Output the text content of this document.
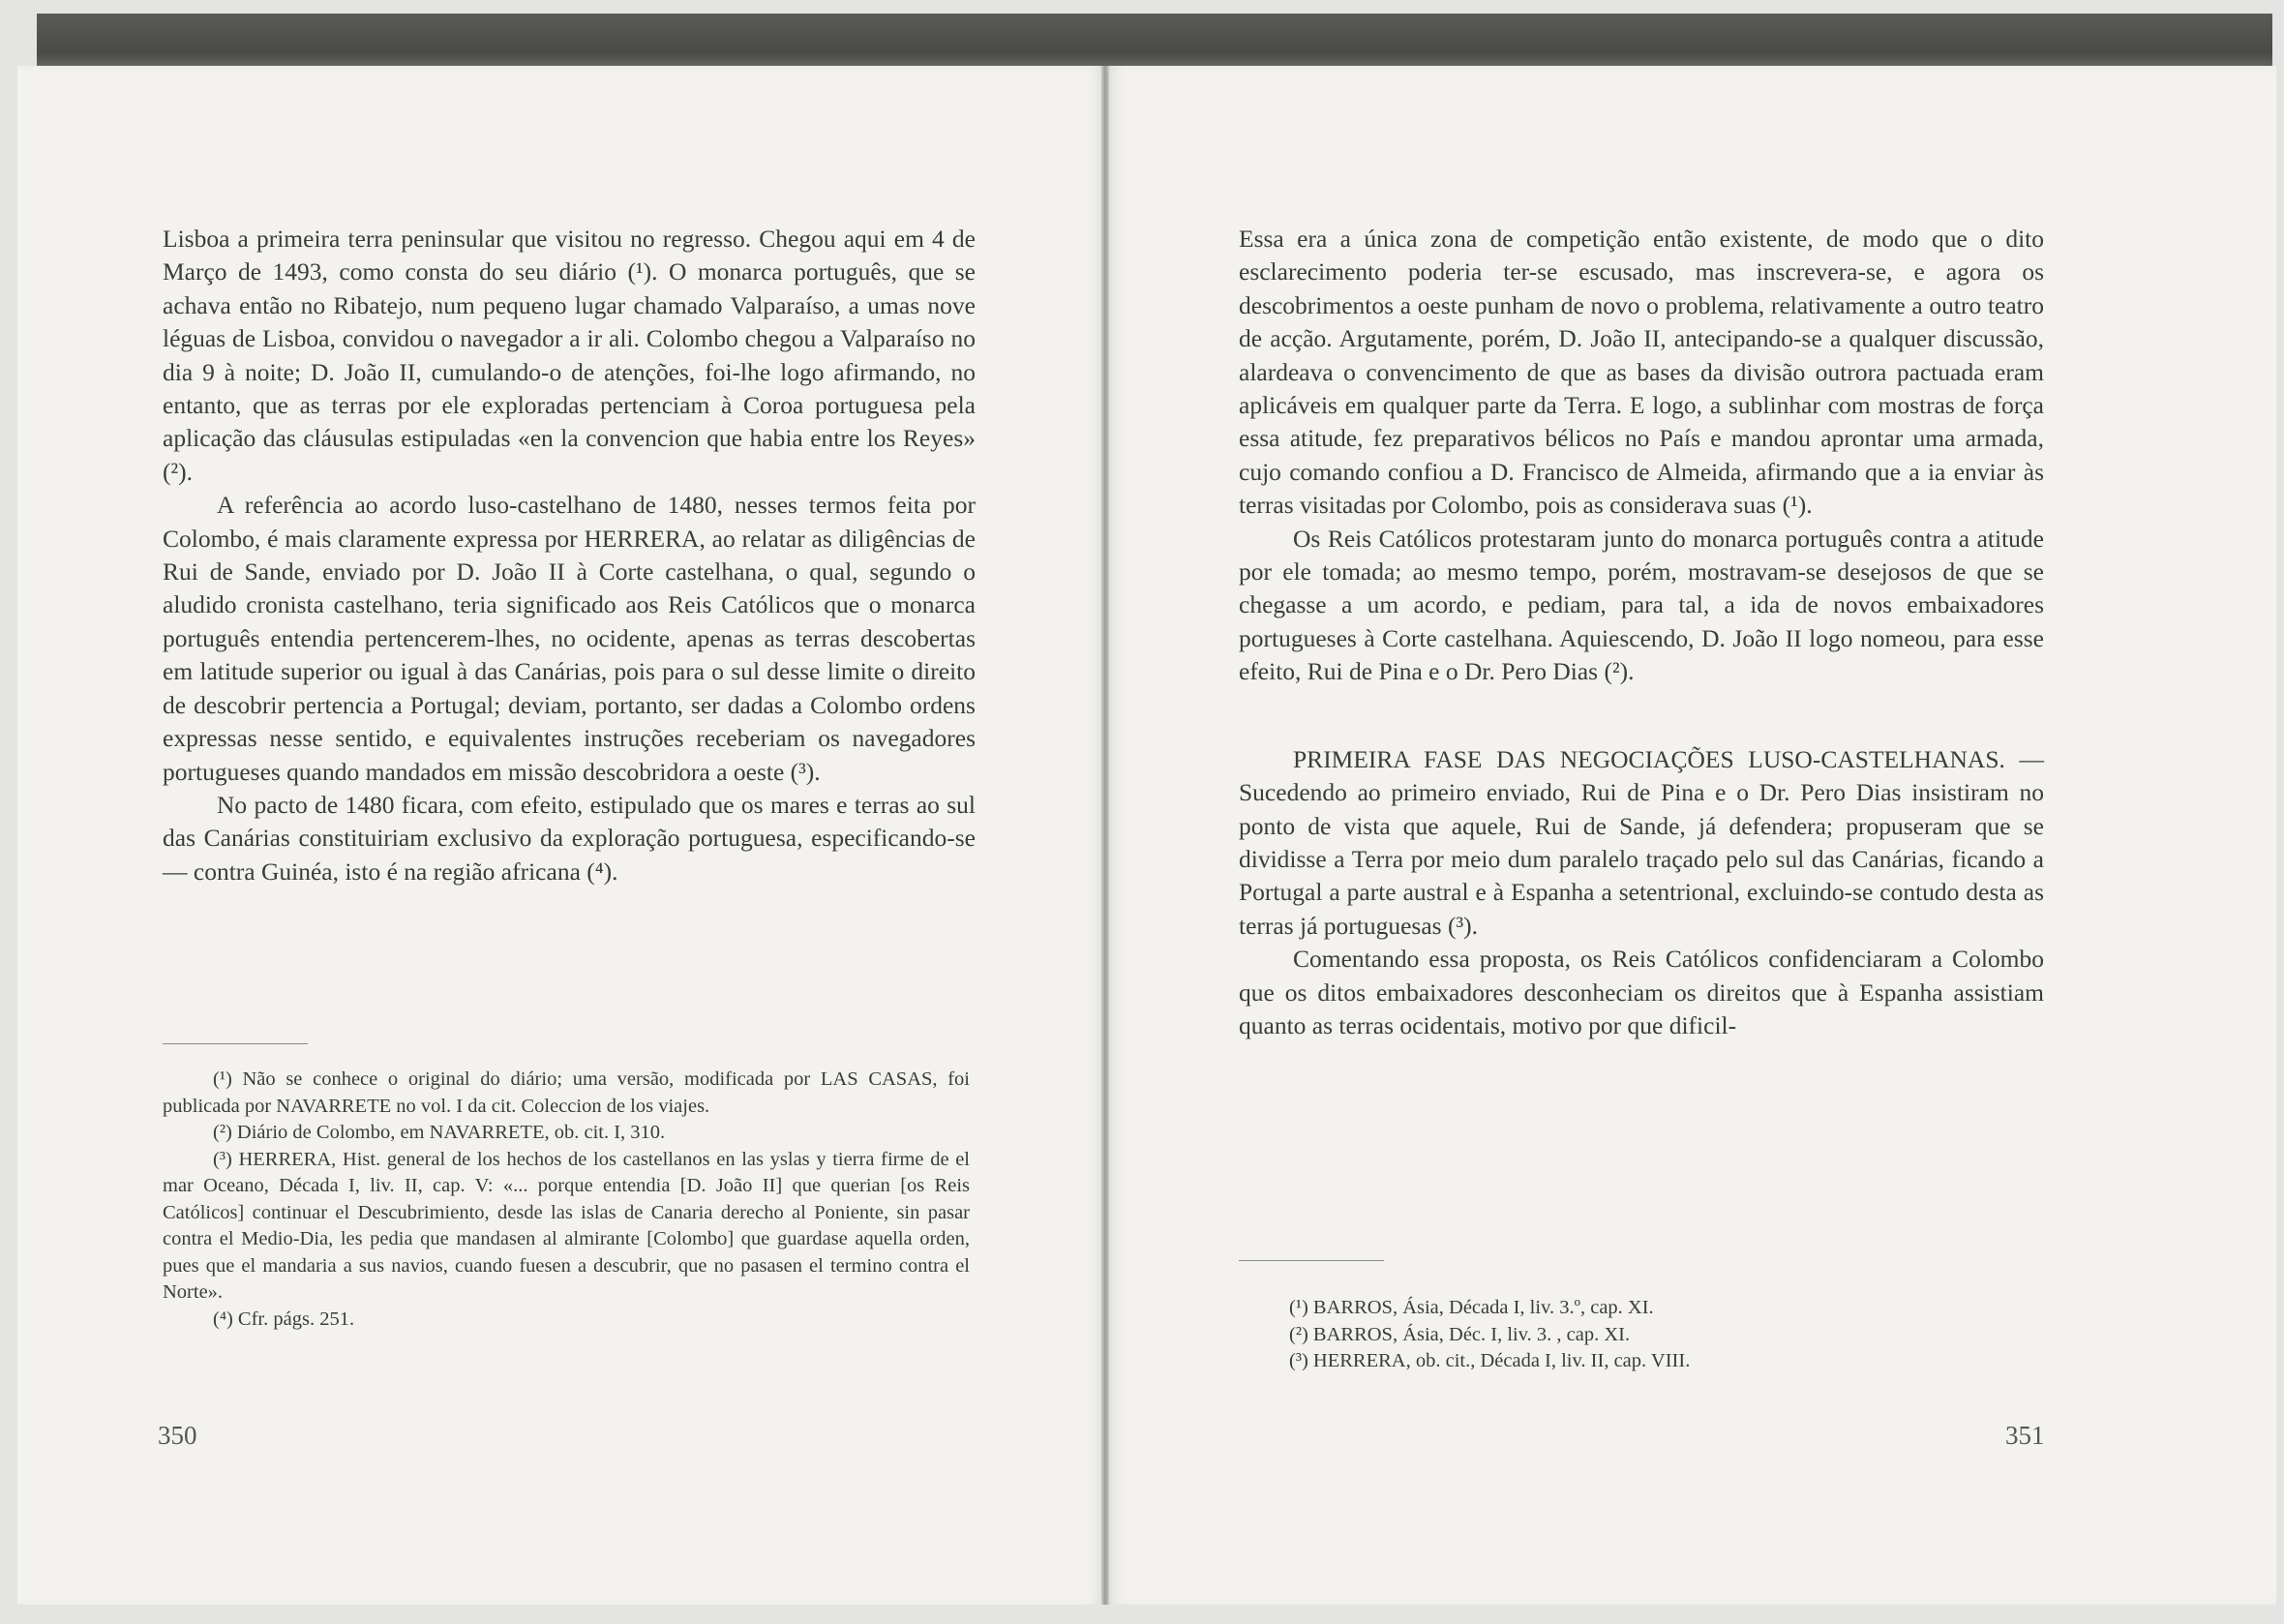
Lisboa a primeira terra peninsular que visitou no regresso. Chegou aqui em 4 de Março de 1493, como consta do seu diário (¹). O monarca português, que se achava então no Ribatejo, num pequeno lugar chamado Valparaíso, a umas nove léguas de Lisboa, convidou o navegador a ir ali. Colombo chegou a Valparaíso no dia 9 à noite; D. João II, cumulando-o de atenções, foi-lhe logo afirmando, no entanto, que as terras por ele exploradas pertenciam à Coroa portuguesa pela aplicação das cláusulas estipuladas «en la convencion que habia entre los Reyes» (²).

A referência ao acordo luso-castelhano de 1480, nesses termos feita por Colombo, é mais claramente expressa por HERRERA, ao relatar as diligências de Rui de Sande, enviado por D. João II à Corte castelhana, o qual, segundo o aludido cronista castelhano, teria significado aos Reis Católicos que o monarca português entendia pertencerem-lhes, no ocidente, apenas as terras descobertas em latitude superior ou igual à das Canárias, pois para o sul desse limite o direito de descobrir pertencia a Portugal; deviam, portanto, ser dadas a Colombo ordens expressas nesse sentido, e equivalentes instruções receberiam os navegadores portugueses quando mandados em missão descobridora a oeste (³).

No pacto de 1480 ficara, com efeito, estipulado que os mares e terras ao sul das Canárias constituiriam exclusivo da exploração portuguesa, especificando-se — contra Guinéa, isto é na região africana (⁴).

(¹) Não se conhece o original do diário; uma versão, modificada por LAS CASAS, foi publicada por NAVARRETE no vol. I da cit. Coleccion de los viajes.

(²) Diário de Colombo, em NAVARRETE, ob. cit. I, 310.

(³) HERRERA, Hist. general de los hechos de los castellanos en las yslas y tierra firme de el mar Oceano, Década I, liv. II, cap. V: «... porque entendia [D. João II] que querian [os Reis Católicos] continuar el Descubrimiento, desde las islas de Canaria derecho al Poniente, sin pasar contra el Medio-Dia, les pedia que mandasen al almirante [Colombo] que guardase aquella orden, pues que el mandaria a sus navios, cuando fuesen a descubrir, que no pasasen el termino contra el Norte».

(⁴) Cfr. págs. 251.

350

Essa era a única zona de competição então existente, de modo que o dito esclarecimento poderia ter-se escusado, mas inscrevera-se, e agora os descobrimentos a oeste punham de novo o problema, relativamente a outro teatro de acção. Argutamente, porém, D. João II, antecipando-se a qualquer discussão, alardeava o convencimento de que as bases da divisão outrora pactuada eram aplicáveis em qualquer parte da Terra. E logo, a sublinhar com mostras de força essa atitude, fez preparativos bélicos no País e mandou aprontar uma armada, cujo comando confiou a D. Francisco de Almeida, afirmando que a ia enviar às terras visitadas por Colombo, pois as considerava suas (¹).

Os Reis Católicos protestaram junto do monarca português contra a atitude por ele tomada; ao mesmo tempo, porém, mostravam-se desejosos de que se chegasse a um acordo, e pediam, para tal, a ida de novos embaixadores portugueses à Corte castelhana. Aquiescendo, D. João II logo nomeou, para esse efeito, Rui de Pina e o Dr. Pero Dias (²).

PRIMEIRA FASE DAS NEGOCIAÇÕES LUSO-CASTELHANAS. — Sucedendo ao primeiro enviado, Rui de Pina e o Dr. Pero Dias insistiram no ponto de vista que aquele, Rui de Sande, já defendera; propuseram que se dividisse a Terra por meio dum paralelo traçado pelo sul das Canárias, ficando a Portugal a parte austral e à Espanha a setentrional, excluindo-se contudo desta as terras já portuguesas (³).

Comentando essa proposta, os Reis Católicos confidenciaram a Colombo que os ditos embaixadores desconheciam os direitos que à Espanha assistiam quanto as terras ocidentais, motivo por que dificil-

(¹) BARROS, Ásia, Década I, liv. 3.º, cap. XI.

(²) BARROS, Ásia, Déc. I, liv. 3. , cap. XI.

(³) HERRERA, ob. cit., Década I, liv. II, cap. VIII.

351
